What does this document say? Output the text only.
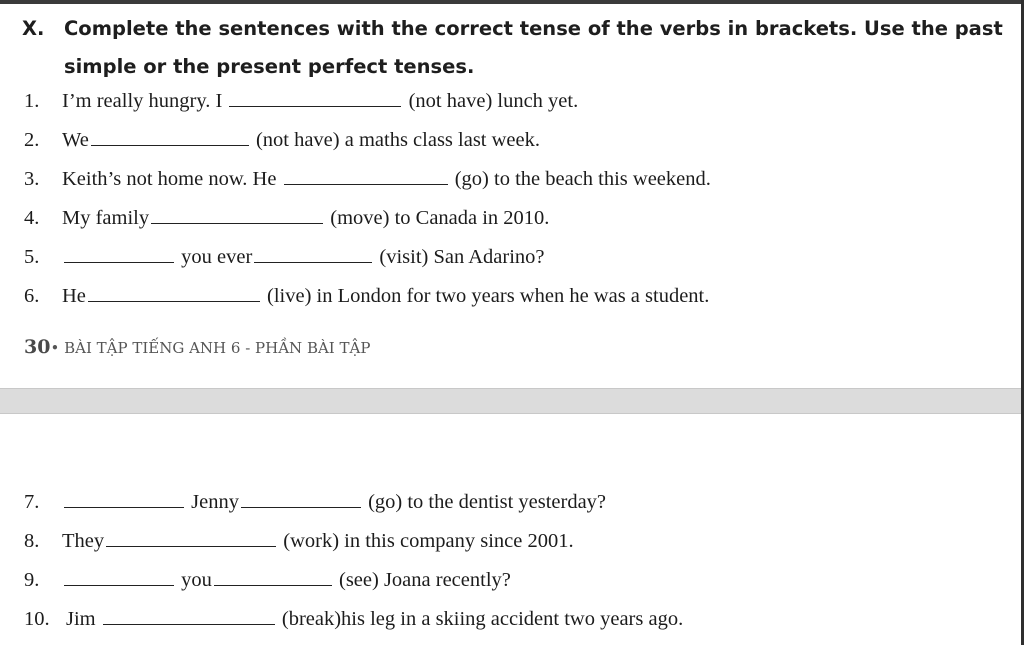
X. Complete the sentences with the correct tense of the verbs in brackets. Use the past
simple or the present perfect tenses.
1. I’m really hungry. I	(not have) lunch yet.
2. We	(not have) a maths class last week.
3. Keith’s not home now. He	(go) to the beach this weekend.
4. My family	(move) to Canada in 2010.
5.	you ever	(visit) San Adarino?
6. He	(live) in London for two years when he was a student.
30• BÀI TẬP TIẾNG ANH 6 - PHẦN BÀI TẬP
7.	Jenny	(go) to the dentist yesterday?
8. They	(work) in this company since 2001.
9.	you	(see) Joana recently?
10. Jim	(break)his leg in a skiing accident two years ago.
